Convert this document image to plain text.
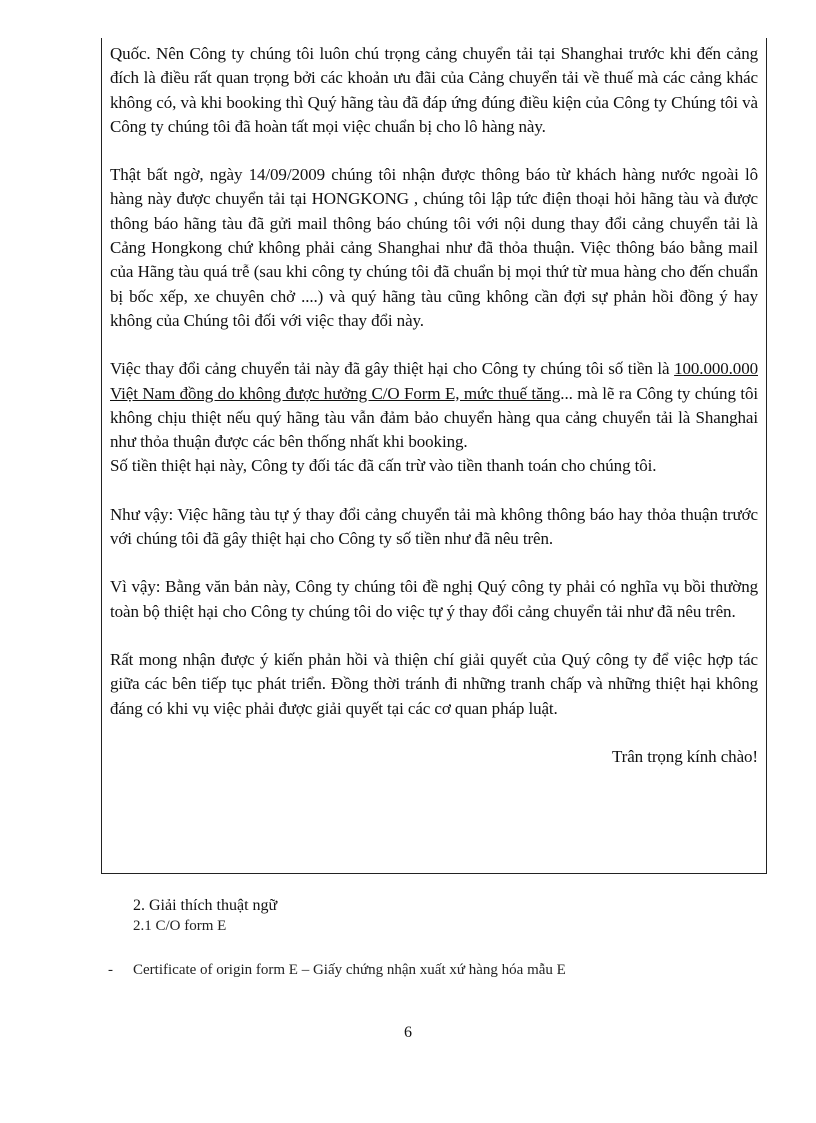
Quốc. Nên Công ty chúng tôi luôn chú trọng cảng chuyển tải tại Shanghai trước khi đến cảng đích là điều rất quan trọng bởi các khoản ưu đãi của Cảng chuyển tải về thuế mà các cảng khác không có, và khi booking thì Quý hãng tàu đã đáp ứng đúng điều kiện của Công ty Chúng tôi và Công ty chúng tôi đã hoàn tất mọi việc chuẩn bị cho lô hàng này.

Thật bất ngờ, ngày 14/09/2009 chúng tôi nhận được thông báo từ khách hàng nước ngoài lô hàng này được chuyển tải tại HONGKONG , chúng tôi lập tức điện thoại hỏi hãng tàu và được thông báo hãng tàu đã gửi mail thông báo chúng tôi với nội dung thay đổi cảng chuyển tải là Cảng Hongkong chứ không phải cảng Shanghai như đã thỏa thuận. Việc thông báo bằng mail của Hãng tàu quá trễ (sau khi công ty chúng tôi đã chuẩn bị mọi thứ từ mua hàng cho đến chuẩn bị bốc xếp, xe chuyên chở ....) và quý hãng tàu cũng không cần đợi sự phản hồi đồng ý hay không của Chúng tôi đối với việc thay đổi này.

Việc thay đổi cảng chuyển tải này đã gây thiệt hại cho Công ty chúng tôi số tiền là 100.000.000 Việt Nam đồng do không được hưởng C/O Form E, mức thuế tăng... mà lẽ ra Công ty chúng tôi không chịu thiệt nếu quý hãng tàu vẫn đảm bảo chuyển hàng qua cảng chuyển tải là Shanghai như thỏa thuận được các bên thống nhất khi booking.

Số tiền thiệt hại này, Công ty đối tác đã cấn trừ vào tiền thanh toán cho chúng tôi.

Như vậy: Việc hãng tàu tự ý thay đổi cảng chuyển tải mà không thông báo hay thỏa thuận trước với chúng tôi đã gây thiệt hại cho Công ty số tiền như đã nêu trên.

Vì vậy: Bằng văn bản này, Công ty chúng tôi đề nghị Quý công ty phải có nghĩa vụ bồi thường toàn bộ thiệt hại cho Công ty chúng tôi do việc tự ý thay đổi cảng chuyển tải như đã nêu trên.

Rất mong nhận được ý kiến phản hồi và thiện chí giải quyết của Quý công ty để việc hợp tác giữa các bên tiếp tục phát triển. Đồng thời tránh đi những tranh chấp và những thiệt hại không đáng có khi vụ việc phải được giải quyết tại các cơ quan pháp luật.

Trân trọng kính chào!

2. Giải thích thuật ngữ

2.1 C/O form E

- Certificate of origin form E – Giấy chứng nhận xuất xứ hàng hóa mẫu E

6
